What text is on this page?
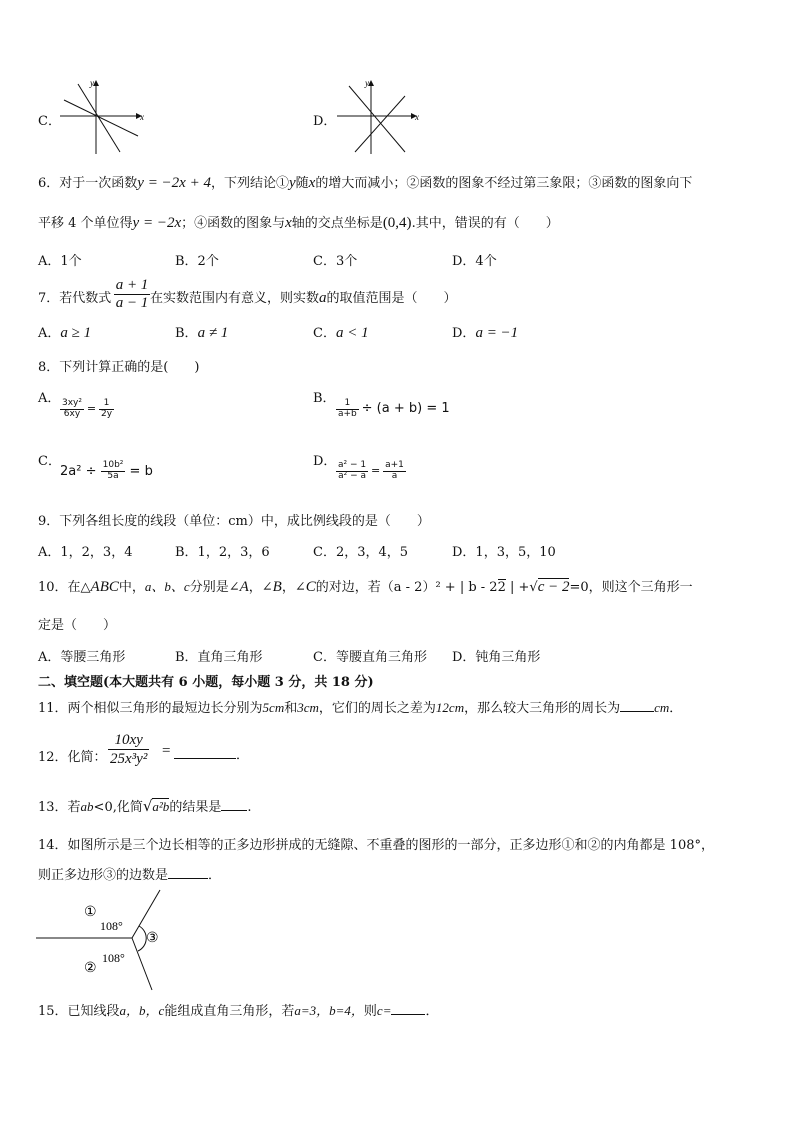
C．	x
y
D．	x
y
6．对于一次函数y = −2x + 4，下列结论①y随x的增大而减小；②函数的图象不经过第三象限；③函数的图象向下
平移 4 个单位得y = −2x；④函数的图象与x轴的交点坐标是(0,4).其中，错误的有（　　）
A．1个	B．2个	C．3个	D．4个
7．若代数式 $\frac{a + 1}{a - 1}$ 在实数范围内有意义，则实数a的取值范围是（　　）
A．a ≥ 1	B．a ≠ 1	C．a < 1	D．a = −1
8．下列计算正确的是(　　)
A．
$\frac{\text{3xy²}}{6xy} = \frac{1}{2y}$
B．
$\frac{1}{a+b} \div (a + b) = 1$
C．
$2a^2 \div \frac{\text{10b²}}{5a} = b$
D． $\frac{\text{a² − 1}}{\text{a² − a}} = \frac{a+1}{a}$
9．下列各组长度的线段（单位：cm）中，成比例线段的是（　　）
A．1，2，3，4	B．1，2，3，6	C．2，3，4，5	D．1，3，5，10
10．在△ABC中，a、b、c分别是∠A，∠B，∠C的对边，若（a - 2）² + | b - 22 | +√c − 2=0，则这个三角形一
定是（　　）
A．等腰三角形	B．直角三角形	C．等腰直角三角形 D．钝角三角形
二、填空题(本大题共有 6 小题，每小题 3 分，共 18 分)
11．两个相似三角形的最短边长分别为5cm和3cm，它们的周长之差为12cm，那么较大三角形的周长为	cm．
12．化简： $\frac{10xy}{\text{25x³y²}}$ =	．
13．若ab<0,化简√a²b的结果是 .
14．如图所示是三个边长相等的正多边形拼成的无缝隙、不重叠的图形的一部分，正多边形①和②的内角都是 108°，
则正多边形③的边数是	．
①
③
②
108°
108°
15．已知线段a，b，c能组成直角三角形，若a=3，b=4，则c=	．
